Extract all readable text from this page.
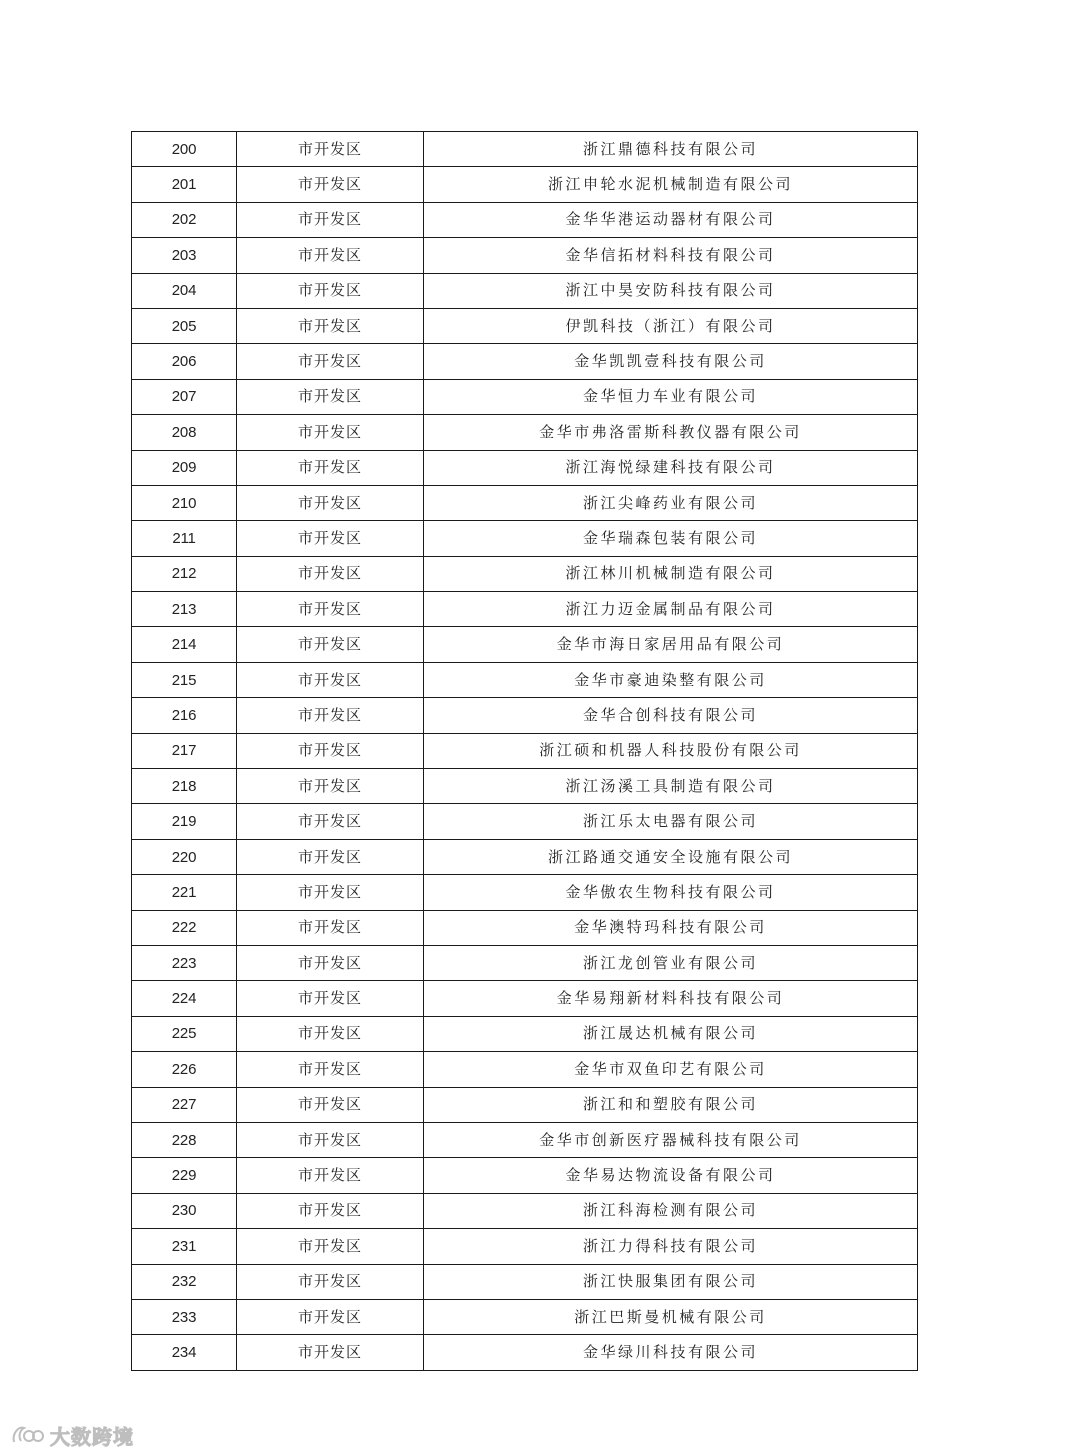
200	市开发区	浙江鼎德科技有限公司
201	市开发区	浙江申轮水泥机械制造有限公司
202	市开发区	金华华港运动器材有限公司
203	市开发区	金华信拓材料科技有限公司
204	市开发区	浙江中昊安防科技有限公司
205	市开发区	伊凯科技（浙江）有限公司
206	市开发区	金华凯凯壹科技有限公司
207	市开发区	金华恒力车业有限公司
208	市开发区	金华市弗洛雷斯科教仪器有限公司
209	市开发区	浙江海悦绿建科技有限公司
210	市开发区	浙江尖峰药业有限公司
211	市开发区	金华瑞森包装有限公司
212	市开发区	浙江林川机械制造有限公司
213	市开发区	浙江力迈金属制品有限公司
214	市开发区	金华市海日家居用品有限公司
215	市开发区	金华市豪迪染整有限公司
216	市开发区	金华合创科技有限公司
217	市开发区	浙江硕和机器人科技股份有限公司
218	市开发区	浙江汤溪工具制造有限公司
219	市开发区	浙江乐太电器有限公司
220	市开发区	浙江路通交通安全设施有限公司
221	市开发区	金华傲农生物科技有限公司
222	市开发区	金华澳特玛科技有限公司
223	市开发区	浙江龙创管业有限公司
224	市开发区	金华易翔新材料科技有限公司
225	市开发区	浙江晟达机械有限公司
226	市开发区	金华市双鱼印艺有限公司
227	市开发区	浙江和和塑胶有限公司
228	市开发区	金华市创新医疗器械科技有限公司
229	市开发区	金华易达物流设备有限公司
230	市开发区	浙江科海检测有限公司
231	市开发区	浙江力得科技有限公司
232	市开发区	浙江快服集团有限公司
233	市开发区	浙江巴斯曼机械有限公司
234	市开发区	金华绿川科技有限公司
大数跨境
